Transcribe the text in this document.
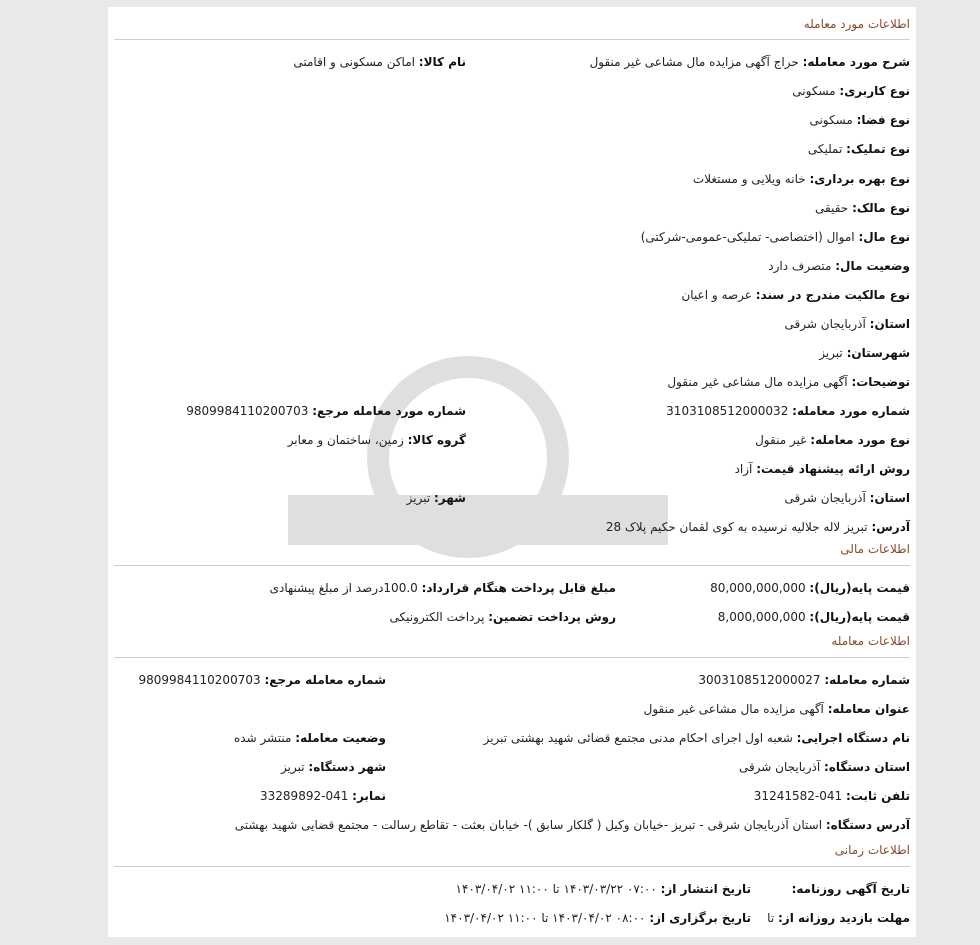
اطلاعات مورد معامله
شرح مورد معامله: حراج آگهی مزایده مال مشاعی غیر منقول
نام کالا: اماکن مسکونی و اقامتی
نوع کاربری: مسکونی
نوع فضا: مسکونی
نوع تملیک: تملیکی
نوع بهره برداری: خانه ویلایی و مستغلات
نوع مالک: حقیقی
نوع مال: اموال (اختصاصی- تملیکی-عمومی-شرکتی)
وضعیت مال: متصرف دارد
نوع مالکیت مندرج در سند: عرصه و اعیان
استان: آذربایجان شرقی
شهرستان: تبریز
توضیحات: آگهی مزایده مال مشاعی غیر منقول
شماره مورد معامله: 3103108512000032
شماره مورد معامله مرجع: 9809984110200703
نوع مورد معامله: غیر منقول
گروه کالا: زمین، ساختمان و معابر
روش ارائه پیشنهاد قیمت: آزاد
استان: آذربایجان شرقی
شهر: تبریز
آدرس: تبریز لاله جلالیه نرسیده به کوی لقمان حکیم پلاک 28
اطلاعات مالی
قیمت پایه(ریال): 80,000,000,000
مبلغ قابل پرداخت هنگام قرارداد: 100.0درصد از مبلغ پیشنهادی
قیمت پایه(ریال): 8,000,000,000
روش پرداخت تضمین: پرداخت الکترونیکی
اطلاعات معامله
شماره معامله: 3003108512000027
شماره معامله مرجع: 9809984110200703
عنوان معامله: آگهی مزایده مال مشاعی غیر منقول
نام دستگاه اجرایی: شعبه اول اجرای احکام مدنی مجتمع قضائی شهید بهشتی تبریز
وضعیت معامله: منتشر شده
استان دستگاه: آذربایجان شرقی
شهر دستگاه: تبریز
تلفن ثابت: 041-31241582
نمابر: 041-33289892
آدرس دستگاه: استان آذربایجان شرقی - تبریز -خیابان وکیل ( گلکار سابق )- خیابان بعثت - تقاطع رسالت - مجتمع قضایی شهید بهشتی
اطلاعات زمانی
تاریخ آگهی روزنامه:
تاریخ انتشار از: ۰۷:۰۰ ۱۴۰۳/۰۳/۲۲ تا ۱۱:۰۰ ۱۴۰۳/۰۴/۰۲
مهلت بازدید روزانه از: تا
تاریخ برگزاری از: ۰۸:۰۰ ۱۴۰۳/۰۴/۰۲ تا ۱۱:۰۰ ۱۴۰۳/۰۴/۰۲
